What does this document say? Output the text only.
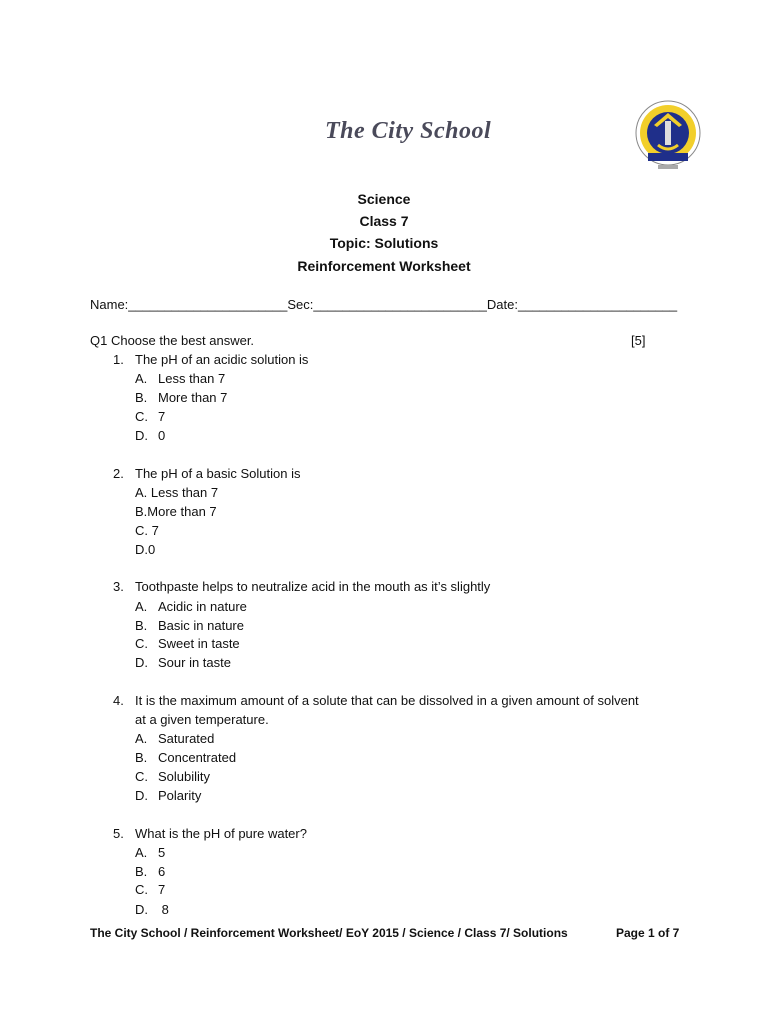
The City School
Science
Class 7
Topic: Solutions
Reinforcement Worksheet
Name:______________________Sec:________________________Date:______________________
Q1 Choose the best answer.	[5]
1. The pH of an acidic solution is
A. Less than 7
B. More than 7
C. 7
D. 0
2. The pH of a basic Solution is
A. Less than 7
B.More than 7
C. 7
D.0
3. Toothpaste helps to neutralize acid in the mouth as it’s slightly
A. Acidic in nature
B. Basic in nature
C. Sweet in taste
D. Sour in taste
4. It is the maximum amount of a solute that can be dissolved in a given amount of solvent
at a given temperature.
A. Saturated
B. Concentrated
C. Solubility
D. Polarity
5. What is the pH of pure water?
A. 5
B. 6
C. 7
D. 8
The City School / Reinforcement Worksheet/ EoY 2015 / Science / Class 7/ Solutions	Page 1 of 7
